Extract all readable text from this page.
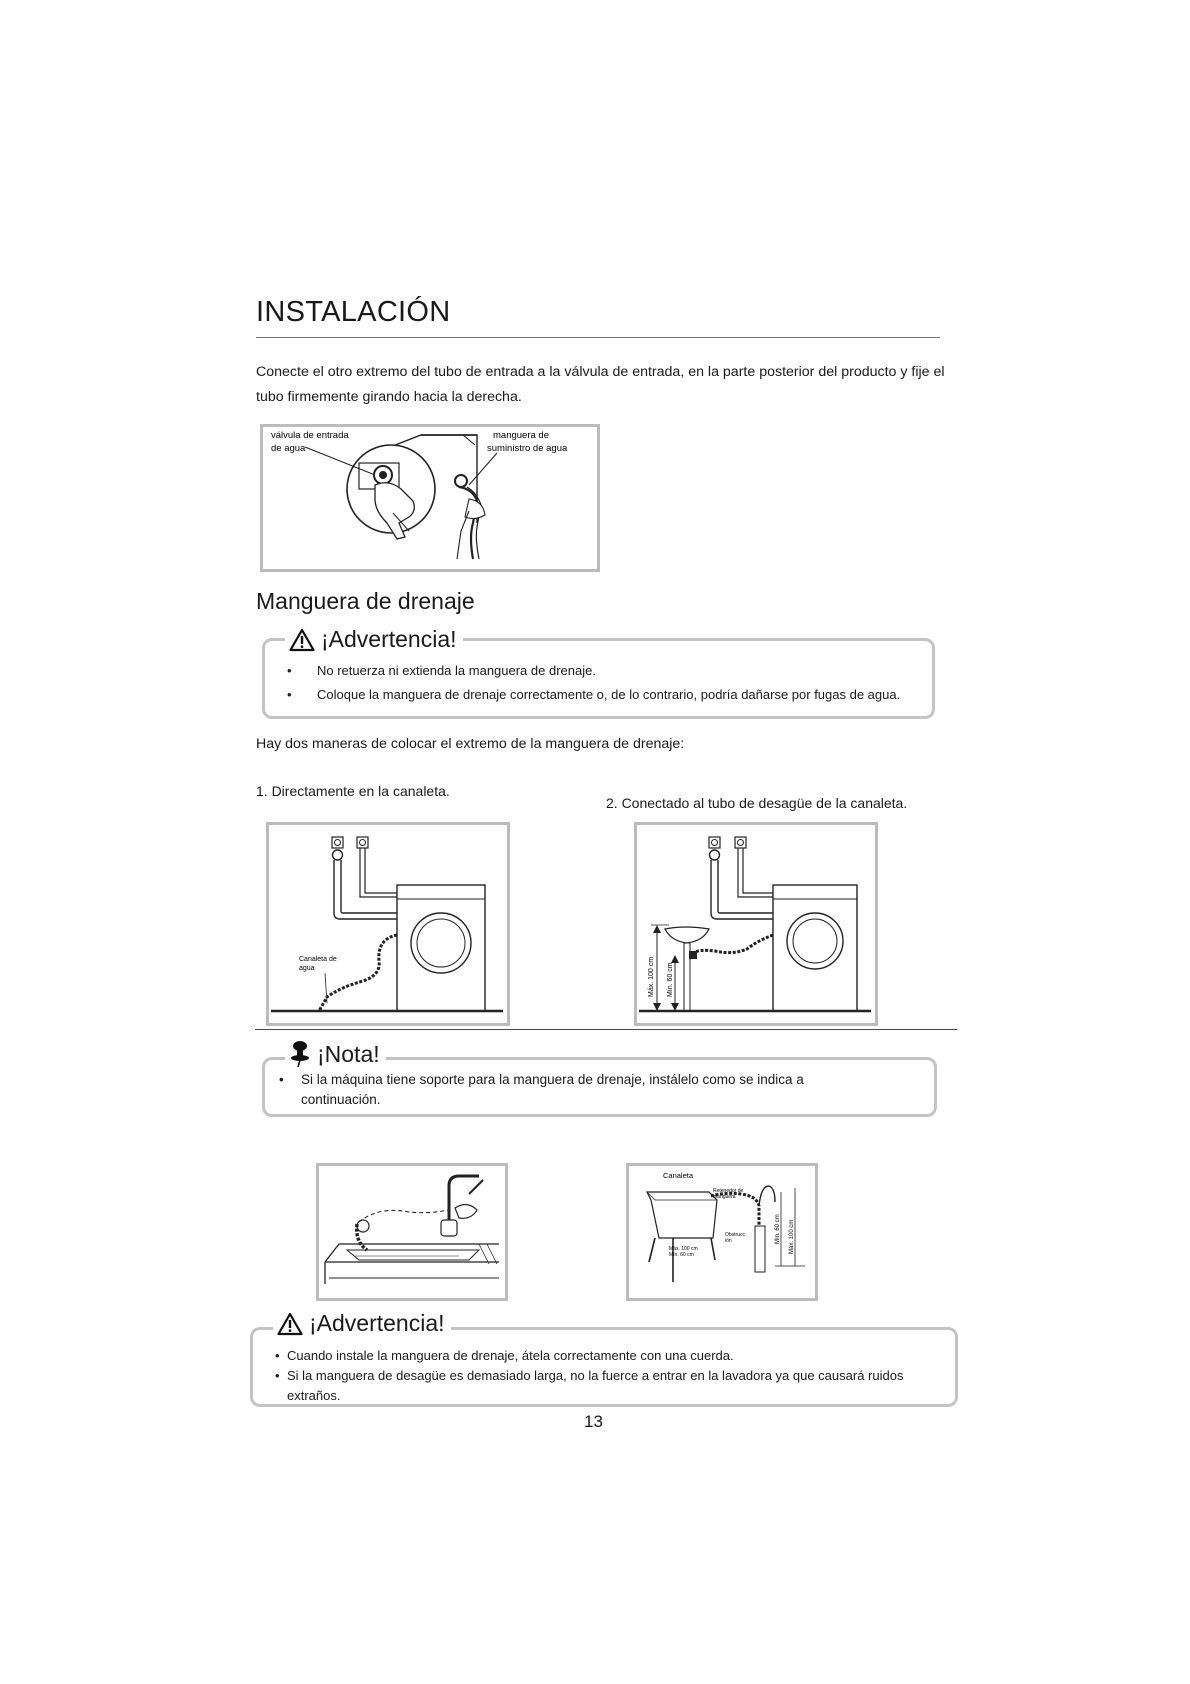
INSTALACIÓN
Conecte el otro extremo del tubo de entrada a la válvula de entrada, en la parte posterior del producto y fije el tubo firmemente girando hacia la derecha.
válvula de entrada
de agua
manguera de
suministro de agua
Manguera de drenaje
¡Advertencia!
• No retuerza ni extienda la manguera de drenaje.
• Coloque la manguera de drenaje correctamente o, de lo contrario, podría dañarse por fugas de agua.
Hay dos maneras de colocar el extremo de la manguera de drenaje:
1. Directamente en la canaleta.
2. Conectado al tubo de desagüe de la canaleta.
Canaleta de
agua	Máx. 100 cm Mín. 60 cm
¡Nota!
• Si la máquina tiene soporte para la manguera de drenaje, instálelo como se indica a continuación.
Canaleta
Retenedor de
manguera
Obstrucc
ión
Máx. 100 cm
Mín. 60 cm
Mín. 60 cm Máx. 100 cm
¡Advertencia!
• Cuando instale la manguera de drenaje, átela correctamente con una cuerda.
• Si la manguera de desagüe es demasiado larga, no la fuerce a entrar en la lavadora ya que causará ruidos extraños.
13
